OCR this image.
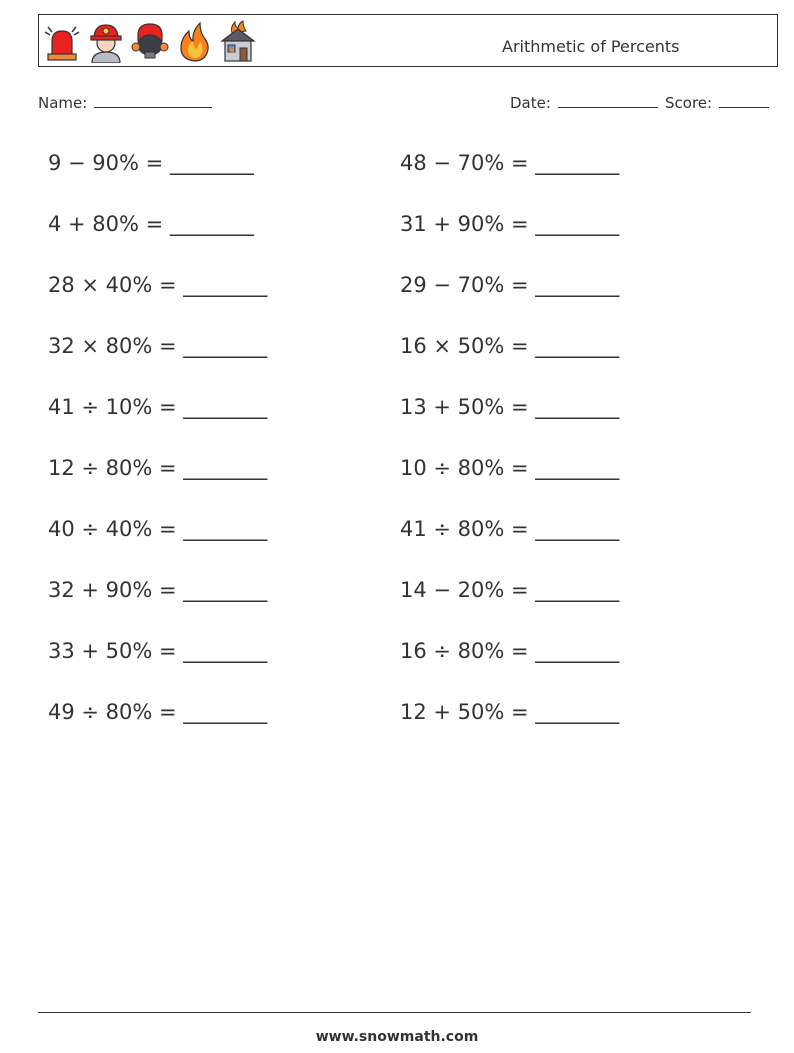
Arithmetic of Percents
Name:	Date:	Score:
9 − 90% = ________
4 + 80% = ________
28 × 40% = ________
32 × 80% = ________
41 ÷ 10% = ________
12 ÷ 80% = ________
40 ÷ 40% = ________
32 + 90% = ________
33 + 50% = ________
49 ÷ 80% = ________
48 − 70% = ________
31 + 90% = ________
29 − 70% = ________
16 × 50% = ________
13 + 50% = ________
10 ÷ 80% = ________
41 ÷ 80% = ________
14 − 20% = ________
16 ÷ 80% = ________
12 + 50% = ________
www.snowmath.com
